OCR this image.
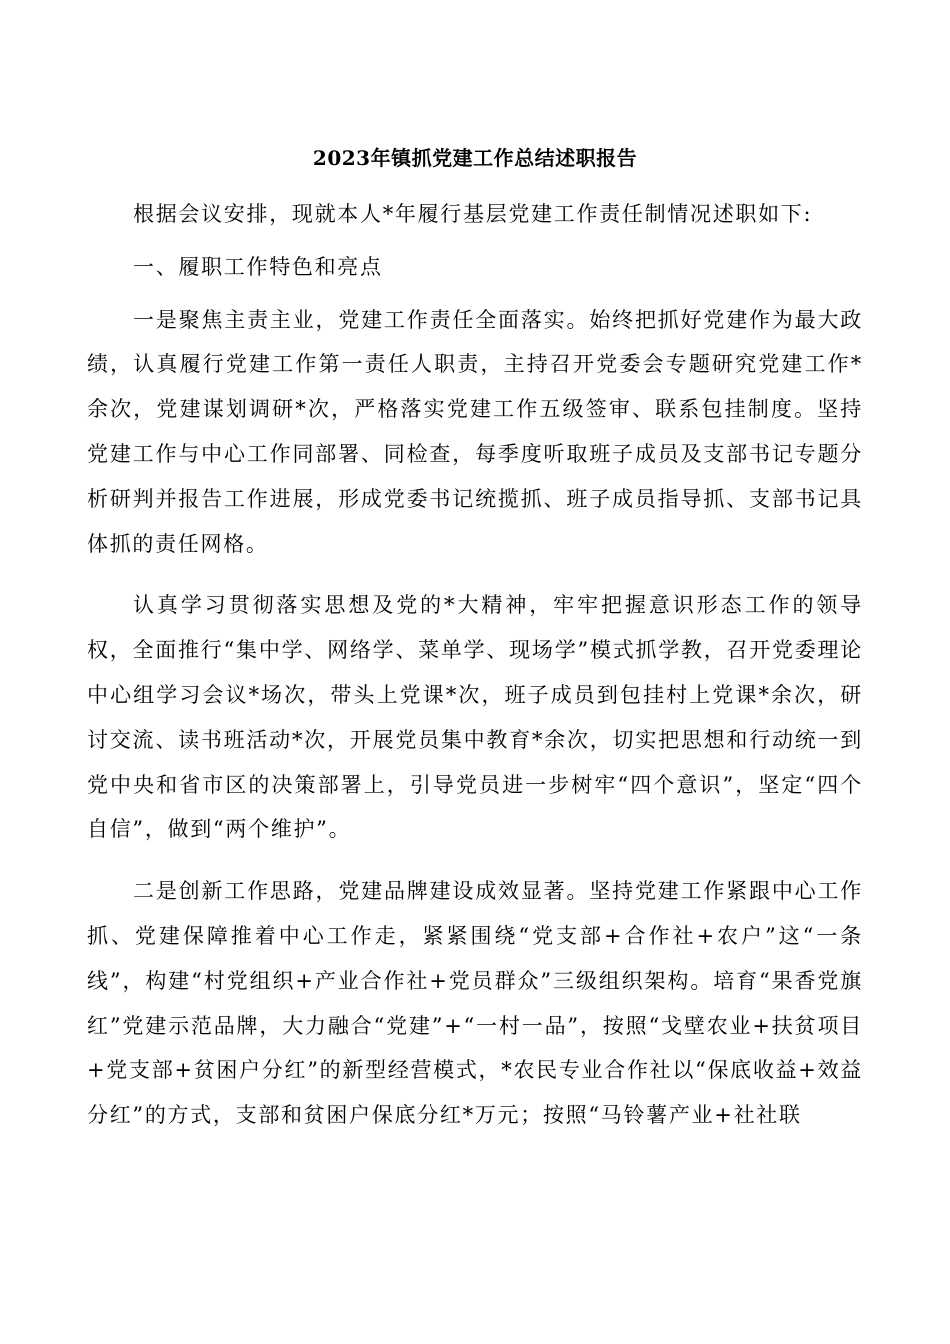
2023年镇抓党建工作总结述职报告

根据会议安排，现就本人*年履行基层党建工作责任制情况述职如下:

一、履职工作特色和亮点

一是聚焦主责主业，党建工作责任全面落实。始终把抓好党建作为最大政绩，认真履行党建工作第一责任人职责，主持召开党委会专题研究党建工作*余次，党建谋划调研*次，严格落实党建工作五级签审、联系包挂制度。坚持党建工作与中心工作同部署、同检查，每季度听取班子成员及支部书记专题分析研判并报告工作进展，形成党委书记统揽抓、班子成员指导抓、支部书记具体抓的责任网格。

认真学习贯彻落实思想及党的*大精神，牢牢把握意识形态工作的领导权，全面推行“集中学、网络学、菜单学、现场学”模式抓学教，召开党委理论中心组学习会议*场次，带头上党课*次，班子成员到包挂村上党课*余次，研讨交流、读书班活动*次，开展党员集中教育*余次，切实把思想和行动统一到党中央和省市区的决策部署上，引导党员进一步树牢“四个意识”，坚定“四个自信”，做到“两个维护”。

二是创新工作思路，党建品牌建设成效显著。坚持党建工作紧跟中心工作抓、党建保障推着中心工作走，紧紧围绕“党支部+合作社+农户”这“一条线”，构建“村党组织+产业合作社+党员群众”三级组织架构。培育“果香党旗红”党建示范品牌，大力融合“党建”+“一村一品”，按照“戈壁农业+扶贫项目+党支部+贫困户分红”的新型经营模式，*农民专业合作社以“保底收益+效益分红”的方式，支部和贫困户保底分红*万元；按照“马铃薯产业+社社联
